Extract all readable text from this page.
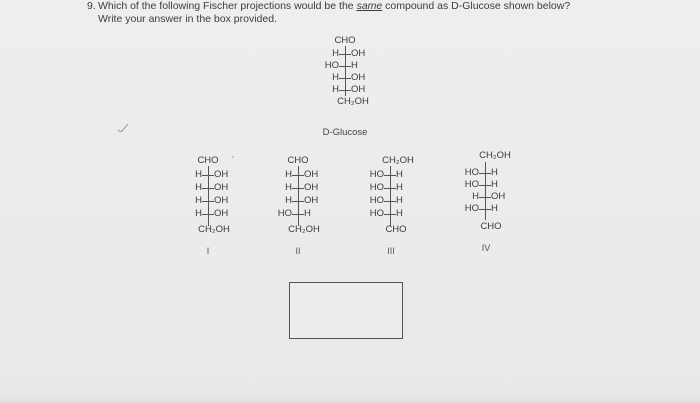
9. Which of the following Fischer projections would be the same compound as D-Glucose shown below?
Write your answer in the box provided.
CHO
H OH
HO H
H OH
H OH
CH₂OH
D-Glucose
CHO
H OH
H OH
H OH
H OH
CH₂OH
I
CHO
H OH
H OH
H OH
HO H
CH₂OH
II
CH₂OH
HO H
HO H
HO H
HO H
CHO
III
CH₂OH
HO H
HO H
H OH
HO H
CHO
IV
